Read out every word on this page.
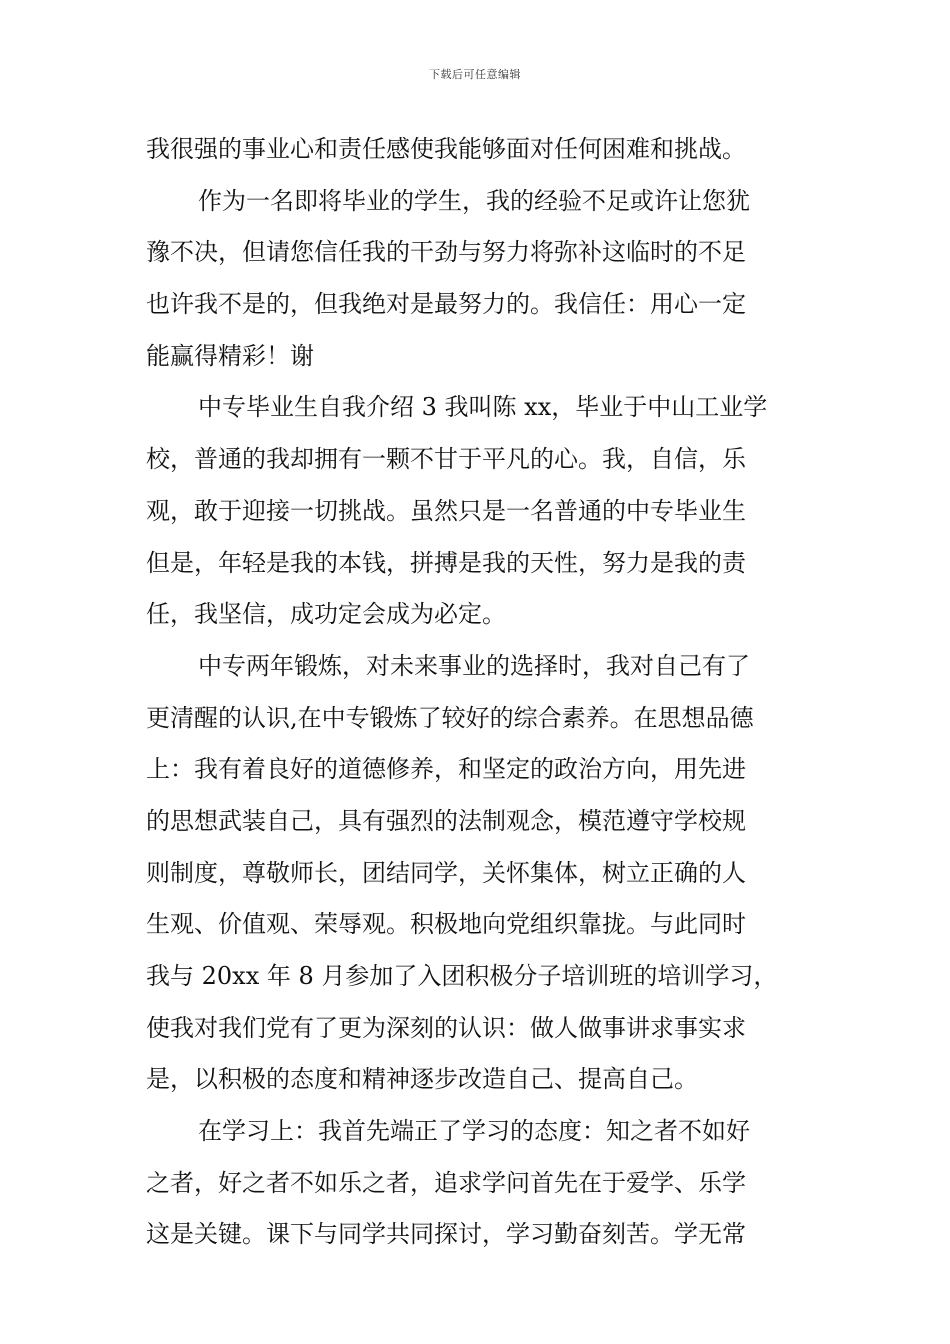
下载后可任意编辑
我很强的事业心和责任感使我能够面对任何困难和挑战。
作为一名即将毕业的学生，我的经验不足或许让您犹
豫不决，但请您信任我的干劲与努力将弥补这临时的不足
也许我不是的，但我绝对是最努力的。我信任：用心一定
能赢得精彩！谢
中专毕业生自我介绍 3 我叫陈 xx，毕业于中山工业学
校，普通的我却拥有一颗不甘于平凡的心。我，自信，乐
观，敢于迎接一切挑战。虽然只是一名普通的中专毕业生
但是，年轻是我的本钱，拼搏是我的天性，努力是我的责
任，我坚信，成功定会成为必定。
中专两年锻炼，对未来事业的选择时，我对自己有了
更清醒的认识,在中专锻炼了较好的综合素养。在思想品德
上：我有着良好的道德修养，和坚定的政治方向，用先进
的思想武装自己，具有强烈的法制观念，模范遵守学校规
则制度，尊敬师长，团结同学，关怀集体，树立正确的人
生观、价值观、荣辱观。积极地向党组织靠拢。与此同时
我与 20xx 年 8 月参加了入团积极分子培训班的培训学习，
使我对我们党有了更为深刻的认识：做人做事讲求事实求
是，以积极的态度和精神逐步改造自己、提高自己。
在学习上：我首先端正了学习的态度：知之者不如好
之者，好之者不如乐之者，追求学问首先在于爱学、乐学
这是关键。课下与同学共同探讨，学习勤奋刻苦。学无常
